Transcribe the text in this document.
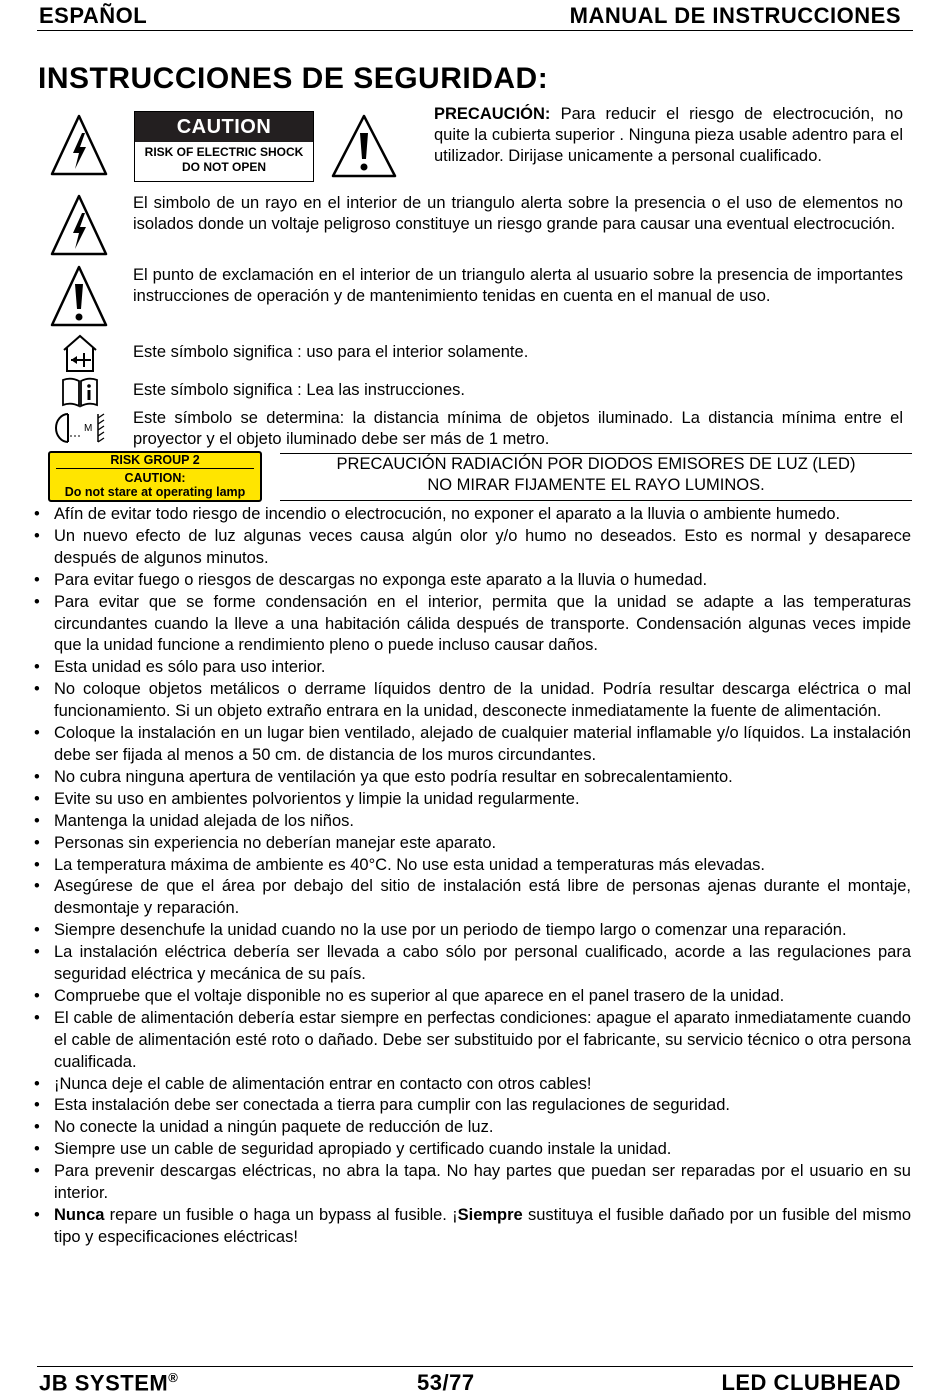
ESPAÑOL	MANUAL DE INSTRUCCIONES
INSTRUCCIONES DE SEGURIDAD:
CAUTION
RISK OF ELECTRIC SHOCK
DO NOT OPEN
PRECAUCIÓN: Para reducir el riesgo de electrocución, no quite la cubierta superior . Ninguna pieza usable adentro para el utilizador. Dirijase unicamente a personal cualificado.
El simbolo de un rayo en el interior de un triangulo alerta sobre la presencia o el uso de elementos no isolados donde un voltaje peligroso constituye un riesgo grande para causar una eventual electrocución.
El punto de exclamación en el interior de un triangulo alerta al usuario sobre la presencia de importantes instrucciones de operación y de mantenimiento tenidas en cuenta en el manual de uso.
Este símbolo significa : uso para el interior solamente.
Este símbolo significa : Lea las instrucciones.
M
Este símbolo se determina: la distancia mínima de objetos iluminado. La distancia mínima entre el proyector y el objeto iluminado debe ser más de 1 metro.
RISK GROUP 2
CAUTION:
Do not stare at operating lamp
PRECAUCIÓN RADIACIÓN POR DIODOS EMISORES DE LUZ (LED)
NO MIRAR FIJAMENTE EL RAYO LUMINOS.
• Afín de evitar todo riesgo de incendio o electrocución, no exponer el aparato a la lluvia o ambiente humedo.
• Un nuevo efecto de luz algunas veces causa algún olor y/o humo no deseados. Esto es normal y desaparece después de algunos minutos.
• Para evitar fuego o riesgos de descargas no exponga este aparato a la lluvia o humedad.
• Para evitar que se forme condensación en el interior, permita que la unidad se adapte a las temperaturas circundantes cuando la lleve a una habitación cálida después de transporte. Condensación algunas veces impide que la unidad funcione a rendimiento pleno o puede incluso causar daños.
• Esta unidad es sólo para uso interior.
• No coloque objetos metálicos o derrame líquidos dentro de la unidad. Podría resultar descarga eléctrica o mal funcionamiento. Si un objeto extraño entrara en la unidad, desconecte inmediatamente la fuente de alimentación.
• Coloque la instalación en un lugar bien ventilado, alejado de cualquier material inflamable y/o líquidos. La instalación debe ser fijada al menos a 50 cm. de distancia de los muros circundantes.
• No cubra ninguna apertura de ventilación ya que esto podría resultar en sobrecalentamiento.
• Evite su uso en ambientes polvorientos y limpie la unidad regularmente.
• Mantenga la unidad alejada de los niños.
• Personas sin experiencia no deberían manejar este aparato.
• La temperatura máxima de ambiente es 40°C. No use esta unidad a temperaturas más elevadas.
• Asegúrese de que el área por debajo del sitio de instalación está libre de personas ajenas durante el montaje, desmontaje y reparación.
• Siempre desenchufe la unidad cuando no la use por un periodo de tiempo largo o comenzar una reparación.
• La instalación eléctrica debería ser llevada a cabo sólo por personal cualificado, acorde a las regulaciones para seguridad eléctrica y mecánica de su país.
• Compruebe que el voltaje disponible no es superior al que aparece en el panel trasero de la unidad.
• El cable de alimentación debería estar siempre en perfectas condiciones: apague el aparato inmediatamente cuando el cable de alimentación esté roto o dañado. Debe ser substituido por el fabricante, su servicio técnico o otra persona cualificada.
• ¡Nunca deje el cable de alimentación entrar en contacto con otros cables!
• Esta instalación debe ser conectada a tierra para cumplir con las regulaciones de seguridad.
• No conecte la unidad a ningún paquete de reducción de luz.
• Siempre use un cable de seguridad apropiado y certificado cuando instale la unidad.
• Para prevenir descargas eléctricas, no abra la tapa. No hay partes que puedan ser reparadas por el usuario en su interior.
• Nunca repare un fusible o haga un bypass al fusible. ¡Siempre sustituya el fusible dañado por un fusible del mismo tipo y especificaciones eléctricas!
JB SYSTEM®	53/77	LED CLUBHEAD
